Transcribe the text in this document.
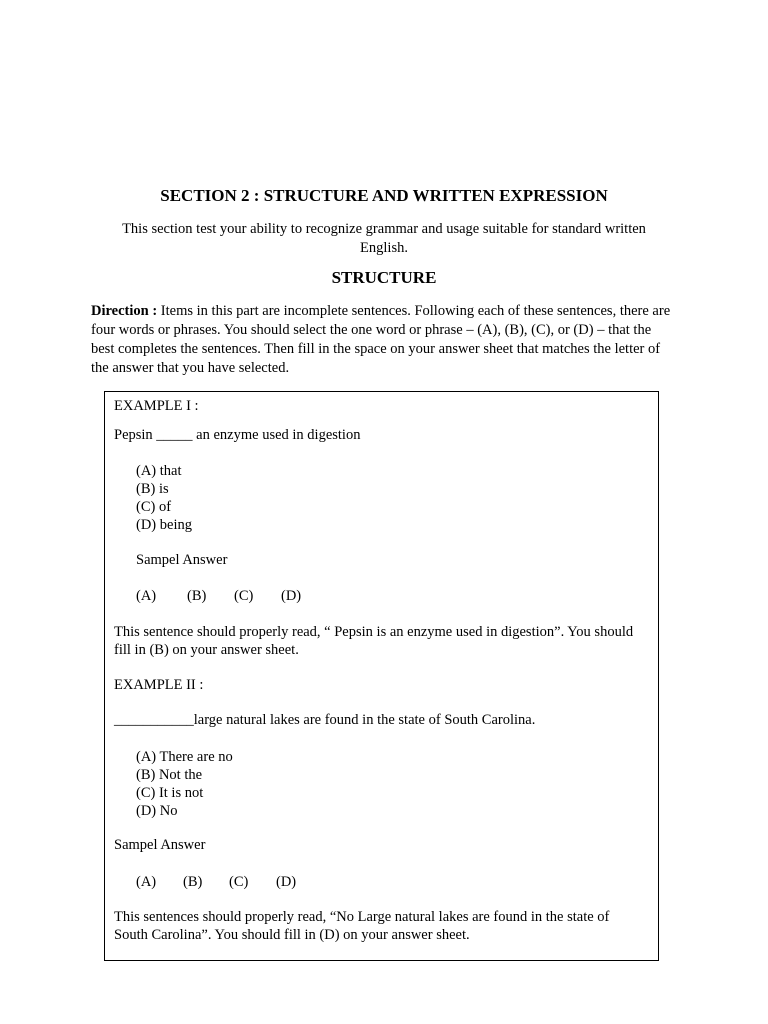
SECTION 2 : STRUCTURE AND WRITTEN EXPRESSION

This section test your ability to recognize grammar and usage suitable for standard written English.

STRUCTURE

Direction : Items in this part are incomplete sentences. Following each of these sentences, there are four words or phrases. You should select the one word or phrase – (A), (B), (C), or (D) – that the best completes the sentences. Then fill in the space on your answer sheet that matches the letter of the answer that you have selected.

EXAMPLE I :

Pepsin _____ an enzyme used in digestion

(A) that
(B) is
(C) of
(D) being

Sampel Answer

(A)	(B)	(C)	(D)

This sentence should properly read, “ Pepsin is an enzyme used in digestion”. You should fill in (B) on your answer sheet.

EXAMPLE II :

___________large natural lakes are found in the state of South Carolina.

(A) There are no
(B) Not the
(C) It is not
(D) No

Sampel Answer

(A)	(B)	(C)	(D)

This sentences should properly read, “No Large natural lakes are found in the state of South Carolina”. You should fill in (D) on your answer sheet.
